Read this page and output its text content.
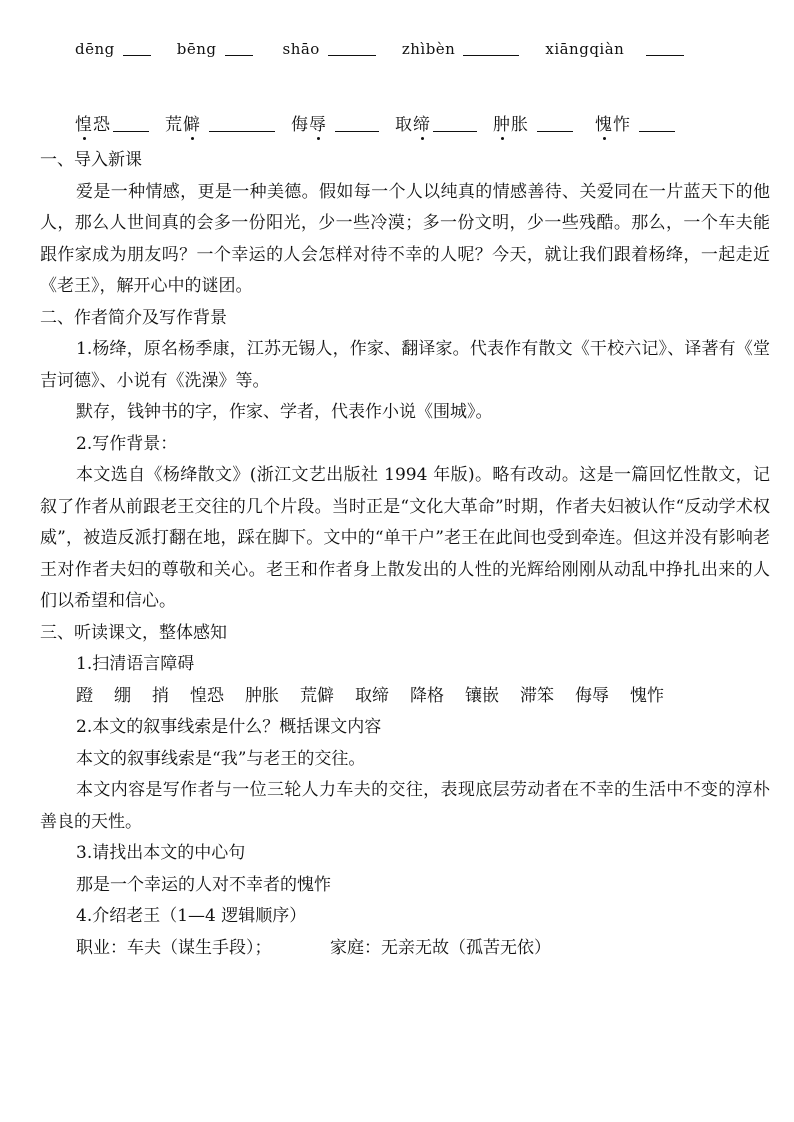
dēng	bēng	shāo	zhìbèn	xiāngqiàn
惶恐	荒僻	侮辱	取缔	肿胀	愧怍

一、导入新课

爱是一种情感，更是一种美德。假如每一个人以纯真的情感善待、关爱同在一片蓝天下的他人，那么人世间真的会多一份阳光，少一些冷漠；多一份文明，少一些残酷。那么，一个车夫能跟作家成为朋友吗？一个幸运的人会怎样对待不幸的人呢？今天，就让我们跟着杨绛，一起走近《老王》，解开心中的谜团。

二、作者简介及写作背景

1.杨绛，原名杨季康，江苏无锡人，作家、翻译家。代表作有散文《干校六记》、译著有《堂吉诃德》、小说有《洗澡》等。

默存，钱钟书的字，作家、学者，代表作小说《围城》。

2.写作背景：

本文选自《杨绛散文》(浙江文艺出版社 1994 年版)。略有改动。这是一篇回忆性散文，记叙了作者从前跟老王交往的几个片段。当时正是“文化大革命”时期，作者夫妇被认作“反动学术权威”，被造反派打翻在地，踩在脚下。文中的“单干户”老王在此间也受到牵连。但这并没有影响老王对作者夫妇的尊敬和关心。老王和作者身上散发出的人性的光辉给刚刚从动乱中挣扎出来的人们以希望和信心。

三、听读课文，整体感知

1.扫清语言障碍

蹬 绷 捎 惶恐 肿胀 荒僻 取缔 降格 镶嵌 滞笨 侮辱 愧怍

2.本文的叙事线索是什么？概括课文内容

本文的叙事线索是“我”与老王的交往。

本文内容是写作者与一位三轮人力车夫的交往，表现底层劳动者在不幸的生活中不变的淳朴善良的天性。

3.请找出本文的中心句

那是一个幸运的人对不幸者的愧怍

4.介绍老王（1—4 逻辑顺序）

职业：车夫（谋生手段）；	家庭：无亲无故（孤苦无依）
